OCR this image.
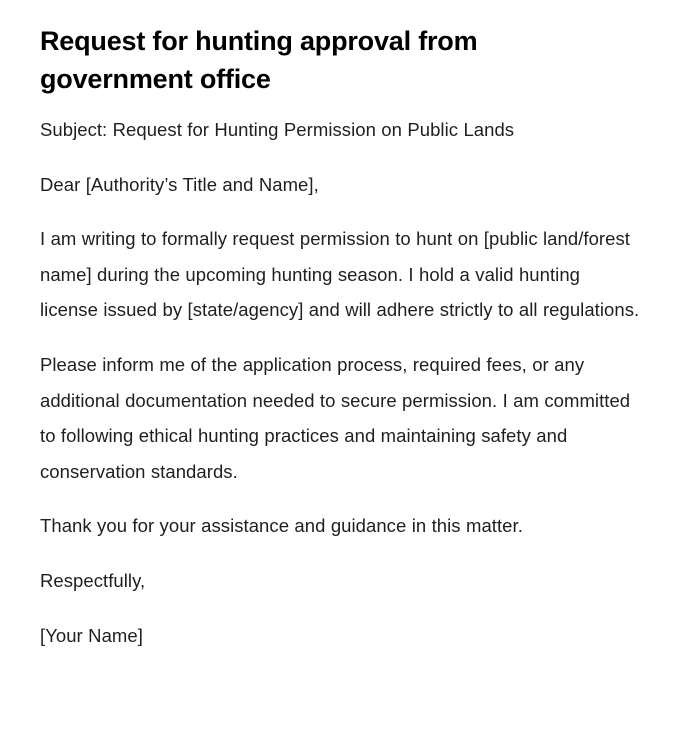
Request for hunting approval from government office

Subject: Request for Hunting Permission on Public Lands

Dear [Authority’s Title and Name],

I am writing to formally request permission to hunt on [public land/forest name] during the upcoming hunting season. I hold a valid hunting license issued by [state/agency] and will adhere strictly to all regulations.

Please inform me of the application process, required fees, or any additional documentation needed to secure permission. I am committed to following ethical hunting practices and maintaining safety and conservation standards.

Thank you for your assistance and guidance in this matter.

Respectfully,

[Your Name]
